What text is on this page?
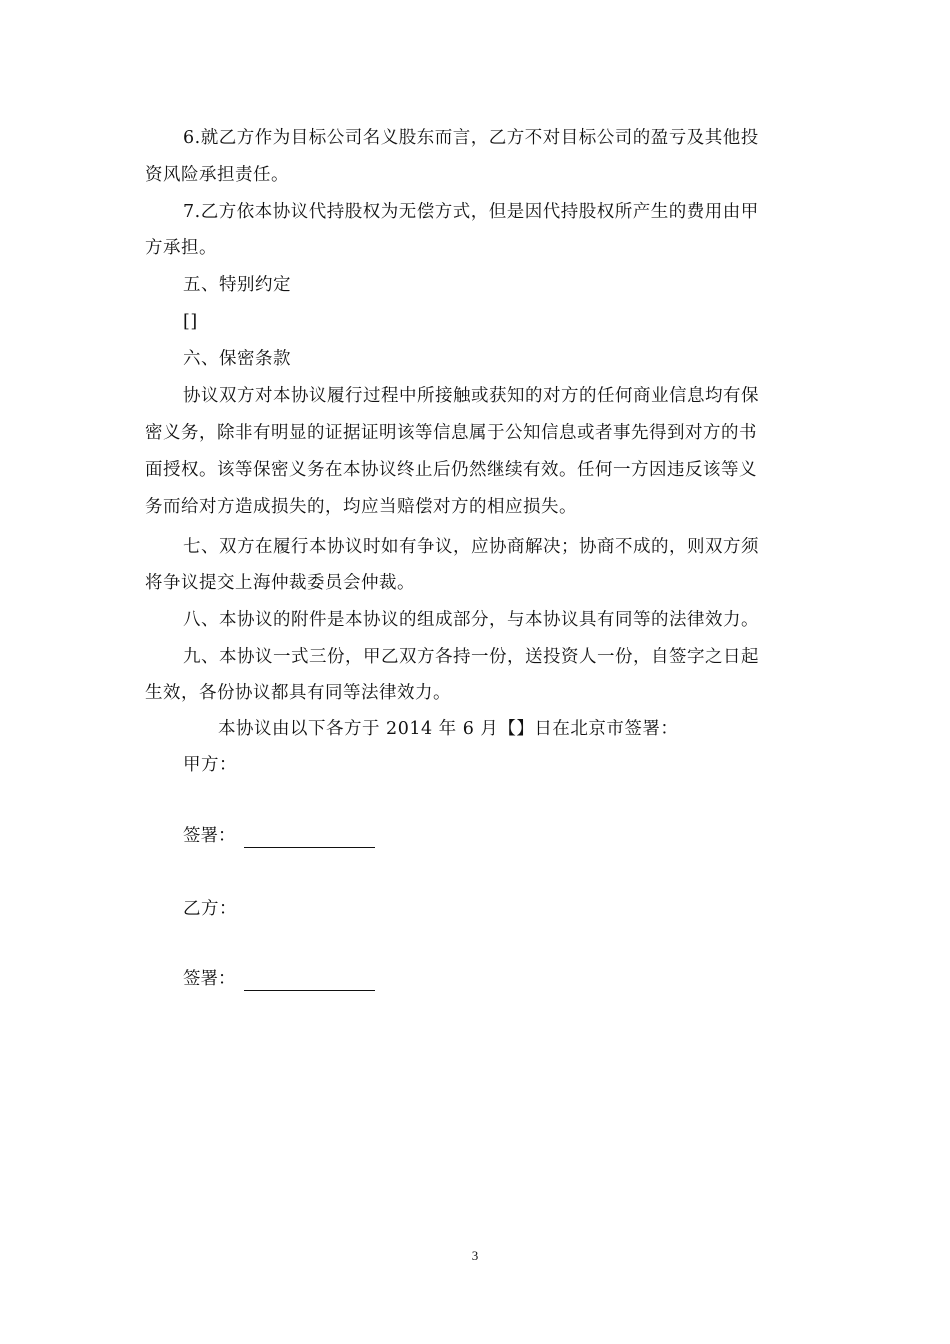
6.就乙方作为目标公司名义股东而言，乙方不对目标公司的盈亏及其他投
资风险承担责任。
7.乙方依本协议代持股权为无偿方式，但是因代持股权所产生的费用由甲
方承担。
五、特别约定
[]
六、保密条款
协议双方对本协议履行过程中所接触或获知的对方的任何商业信息均有保
密义务，除非有明显的证据证明该等信息属于公知信息或者事先得到对方的书
面授权。该等保密义务在本协议终止后仍然继续有效。任何一方因违反该等义
务而给对方造成损失的，均应当赔偿对方的相应损失。
七、双方在履行本协议时如有争议，应协商解决；协商不成的，则双方须
将争议提交上海仲裁委员会仲裁。
八、本协议的附件是本协议的组成部分，与本协议具有同等的法律效力。
九、本协议一式三份，甲乙双方各持一份，送投资人一份，自签字之日起
生效，各份协议都具有同等法律效力。
本协议由以下各方于 2014 年 6 月【】日在北京市签署：
甲方：
签署：
乙方：
签署：
3
